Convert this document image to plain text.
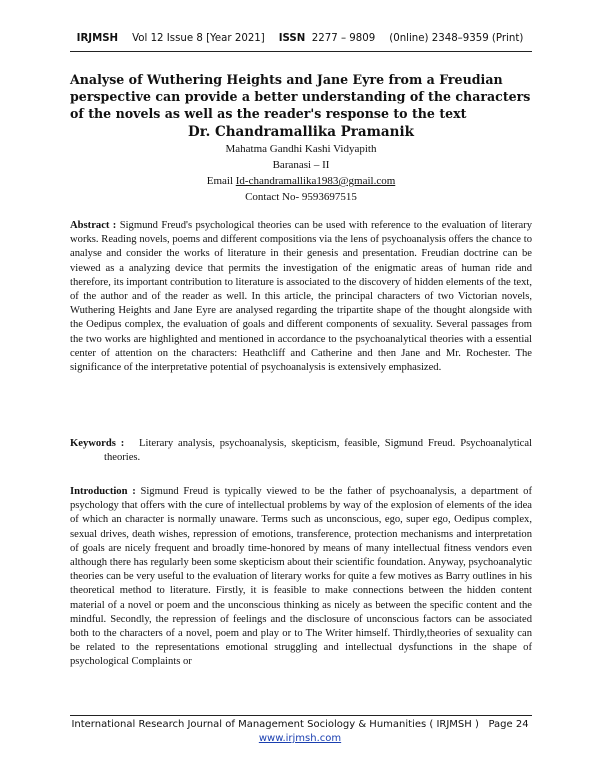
IRJMSH Vol 12 Issue 8 [Year 2021] ISSN 2277 – 9809 (0nline) 2348–9359 (Print)
Analyse of Wuthering Heights and Jane Eyre from a Freudian perspective can provide a better understanding of the characters of the novels as well as the reader's response to the text
Dr. Chandramallika Pramanik
Mahatma Gandhi Kashi Vidyapith
Baranasi – II
Email Id-chandramallika1983@gmail.com
Contact No- 9593697515

Abstract : Sigmund Freud's psychological theories can be used with reference to the evaluation of literary works. Reading novels, poems and different compositions via the lens of psychoanalysis offers the chance to analyse and consider the works of literature in their genesis and presentation. Freudian doctrine can be viewed as a analyzing device that permits the investigation of the enigmatic areas of human ride and therefore, its important contribution to literature is associated to the discovery of hidden elements of the text, of the author and of the reader as well. In this article, the principal characters of two Victorian novels, Wuthering Heights and Jane Eyre are analysed regarding the tripartite shape of the thought alongside with the Oedipus complex, the evaluation of goals and different components of sexuality. Several passages from the two works are highlighted and mentioned in accordance to the psychoanalytical theories with a essential center of attention on the characters: Heathcliff and Catherine and then Jane and Mr. Rochester. The significance of the interpretative potential of psychoanalysis is extensively emphasized.

Keywords : Literary analysis, psychoanalysis, skepticism, feasible, Sigmund Freud. Psychoanalytical theories.

Introduction : Sigmund Freud is typically viewed to be the father of psychoanalysis, a department of psychology that offers with the cure of intellectual problems by way of the explosion of elements of the idea of which an character is normally unaware. Terms such as unconscious, ego, super ego, Oedipus complex, sexual drives, death wishes, repression of emotions, transference, protection mechanisms and interpretation of goals are nicely frequent and broadly time-honored by means of many intellectual fitness vendors even although there has regularly been some skepticism about their scientific foundation. Anyway, psychoanalytic theories can be very useful to the evaluation of literary works for quite a few motives as Barry outlines in his theoretical method to literature. Firstly, it is feasible to make connections between the hidden content material of a novel or poem and the unconscious thinking as nicely as between the specific content and the mindful. Secondly, the repression of feelings and the disclosure of unconscious factors can be associated both to the characters of a novel, poem and play or to The Writer himself. Thirdly,theories of sexuality can be related to the representations emotional struggling and intellectual dysfunctions in the shape of psychological Complaints or

International Research Journal of Management Sociology & Humanities ( IRJMSH ) Page 24
www.irjmsh.com
